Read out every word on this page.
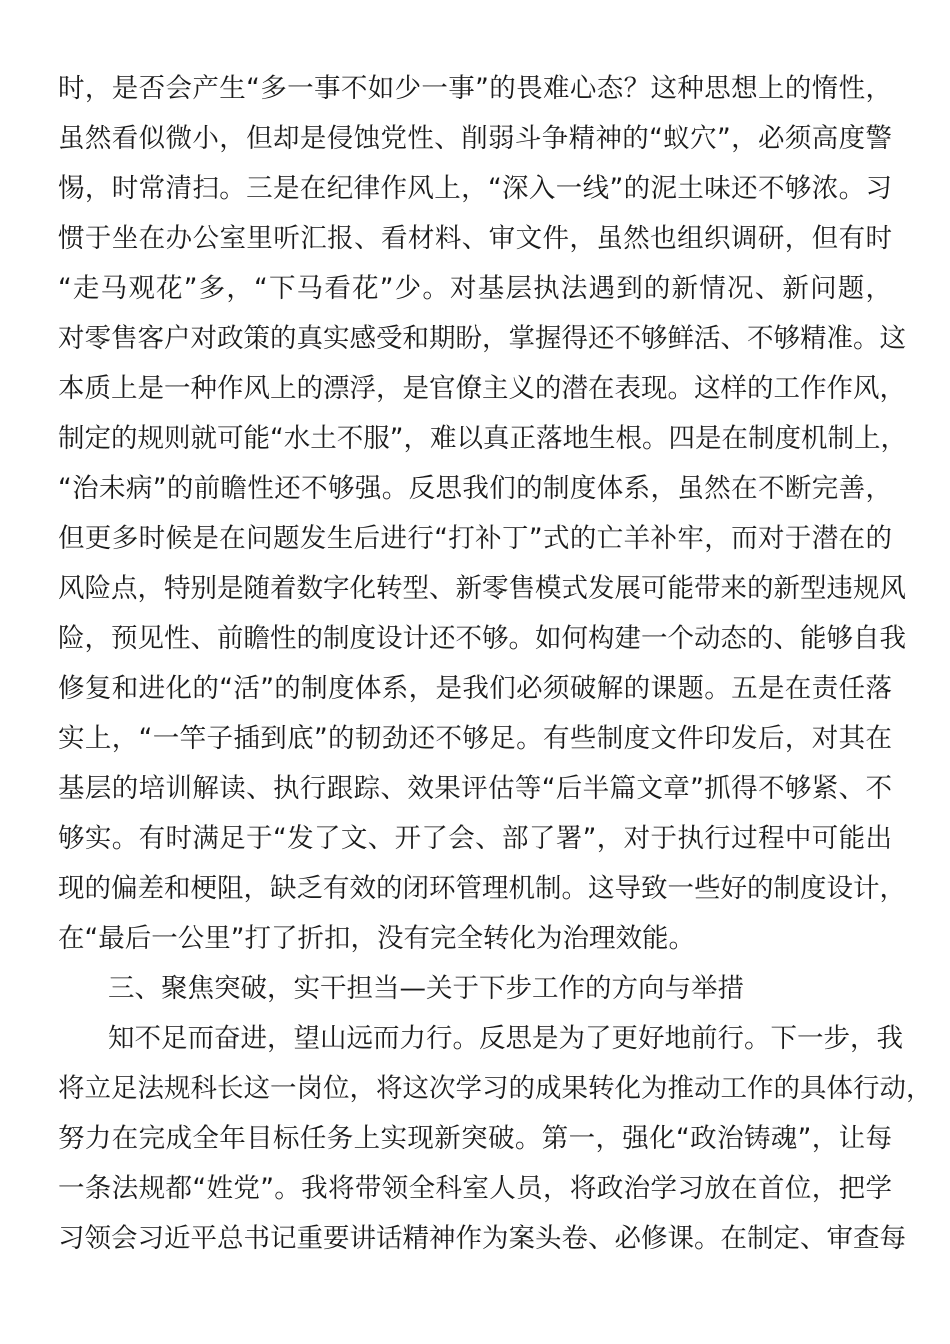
时，是否会产生“多一事不如少一事”的畏难心态？这种思想上的惰性，
虽然看似微小，但却是侵蚀党性、削弱斗争精神的“蚁穴”，必须高度警
惕，时常清扫。三是在纪律作风上，“深入一线”的泥土味还不够浓。习
惯于坐在办公室里听汇报、看材料、审文件，虽然也组织调研，但有时
“走马观花”多，“下马看花”少。对基层执法遇到的新情况、新问题，
对零售客户对政策的真实感受和期盼，掌握得还不够鲜活、不够精准。这
本质上是一种作风上的漂浮，是官僚主义的潜在表现。这样的工作作风，
制定的规则就可能“水土不服”，难以真正落地生根。四是在制度机制上，
“治未病”的前瞻性还不够强。反思我们的制度体系，虽然在不断完善，
但更多时候是在问题发生后进行“打补丁”式的亡羊补牢，而对于潜在的
风险点，特别是随着数字化转型、新零售模式发展可能带来的新型违规风
险，预见性、前瞻性的制度设计还不够。如何构建一个动态的、能够自我
修复和进化的“活”的制度体系，是我们必须破解的课题。五是在责任落
实上，“一竿子插到底”的韧劲还不够足。有些制度文件印发后，对其在
基层的培训解读、执行跟踪、效果评估等“后半篇文章”抓得不够紧、不
够实。有时满足于“发了文、开了会、部了署”，对于执行过程中可能出
现的偏差和梗阻，缺乏有效的闭环管理机制。这导致一些好的制度设计，
在“最后一公里”打了折扣，没有完全转化为治理效能。
三、聚焦突破，实干担当—关于下步工作的方向与举措
知不足而奋进，望山远而力行。反思是为了更好地前行。下一步，我
将立足法规科长这一岗位，将这次学习的成果转化为推动工作的具体行动，
努力在完成全年目标任务上实现新突破。第一，强化“政治铸魂”，让每
一条法规都“姓党”。我将带领全科室人员，将政治学习放在首位，把学
习领会习近平总书记重要讲话精神作为案头卷、必修课。在制定、审查每
